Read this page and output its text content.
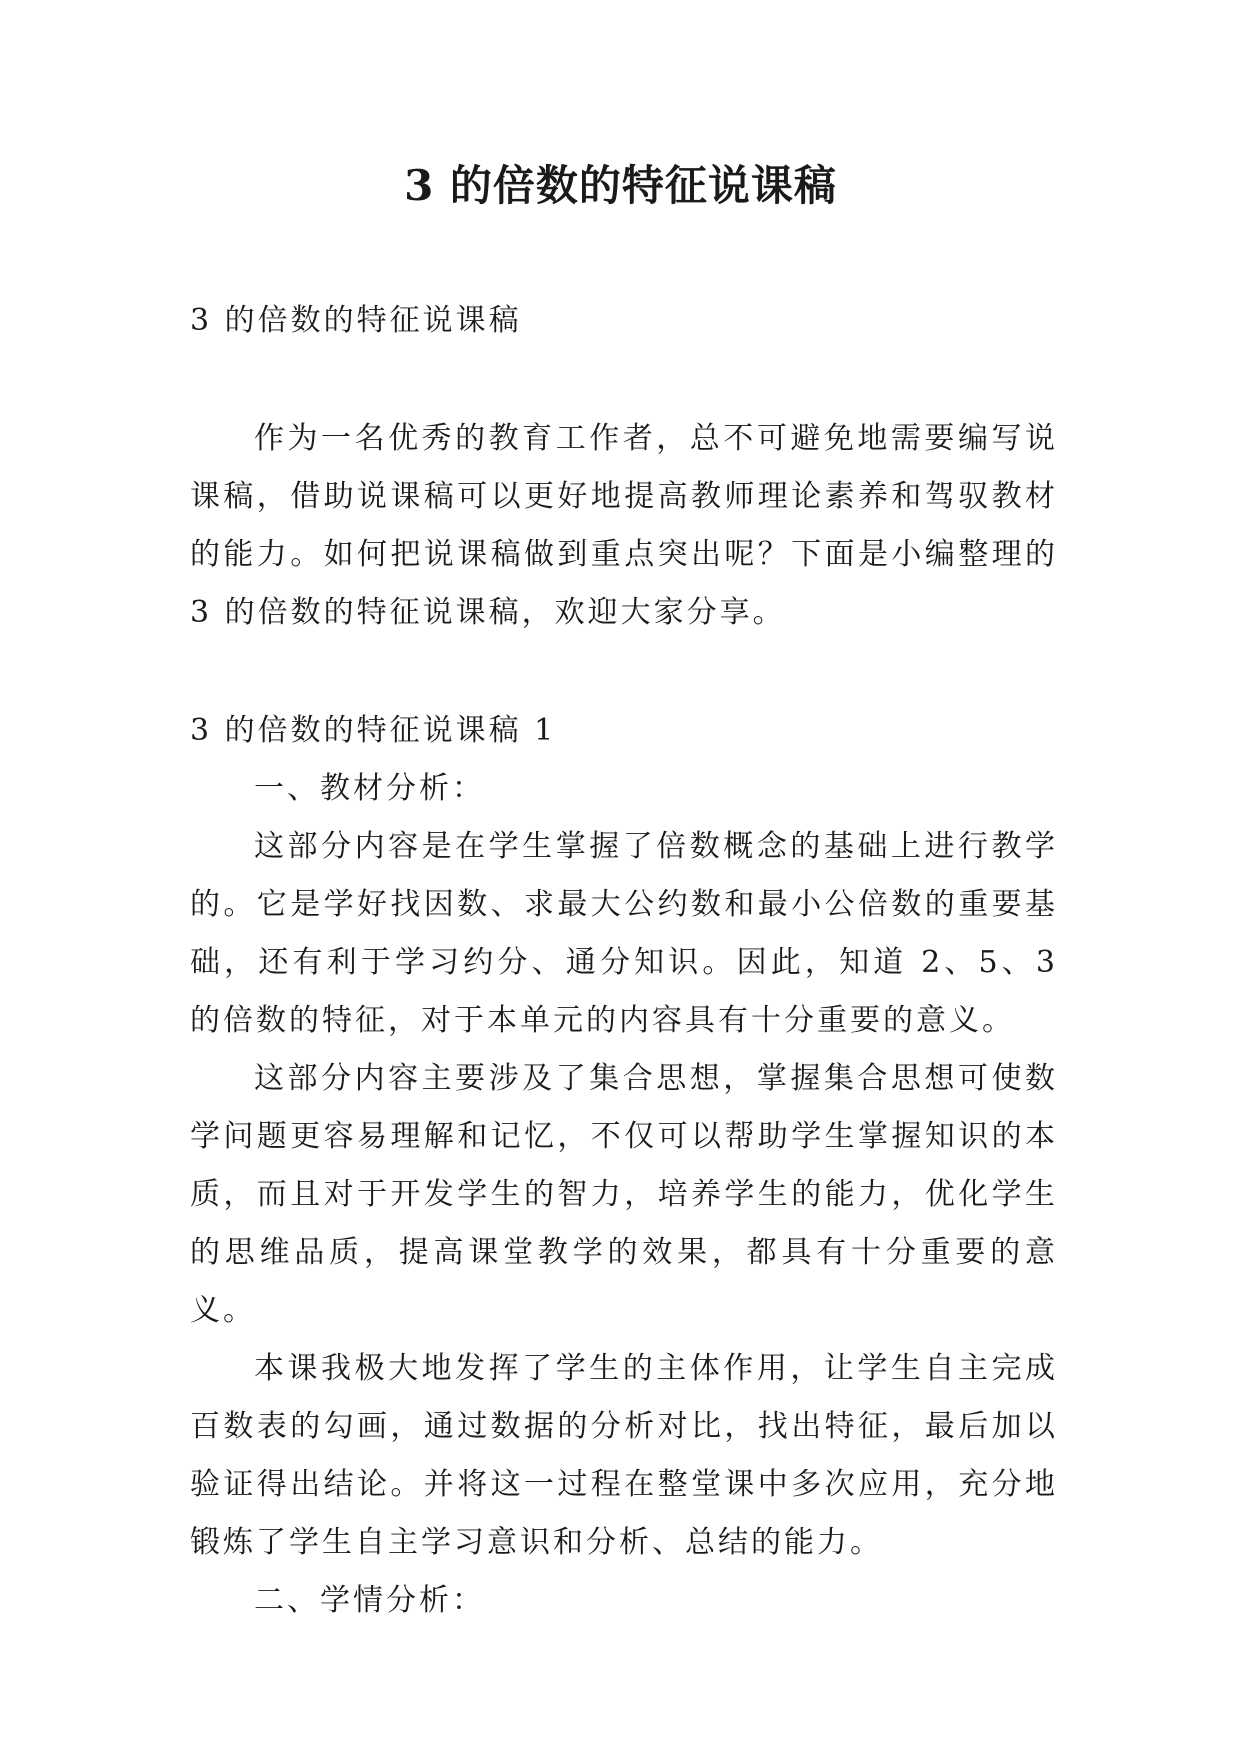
3 的倍数的特征说课稿

3 的倍数的特征说课稿

作为一名优秀的教育工作者，总不可避免地需要编写说课稿，借助说课稿可以更好地提高教师理论素养和驾驭教材的能力。如何把说课稿做到重点突出呢？下面是小编整理的 3 的倍数的特征说课稿，欢迎大家分享。

3 的倍数的特征说课稿 1

一、教材分析：

这部分内容是在学生掌握了倍数概念的基础上进行教学的。它是学好找因数、求最大公约数和最小公倍数的重要基础，还有利于学习约分、通分知识。因此，知道 2、5、3 的倍数的特征，对于本单元的内容具有十分重要的意义。

这部分内容主要涉及了集合思想，掌握集合思想可使数学问题更容易理解和记忆，不仅可以帮助学生掌握知识的本质，而且对于开发学生的智力，培养学生的能力，优化学生的思维品质，提高课堂教学的效果，都具有十分重要的意义。

本课我极大地发挥了学生的主体作用，让学生自主完成百数表的勾画，通过数据的分析对比，找出特征，最后加以验证得出结论。并将这一过程在整堂课中多次应用，充分地锻炼了学生自主学习意识和分析、总结的能力。

二、学情分析：
